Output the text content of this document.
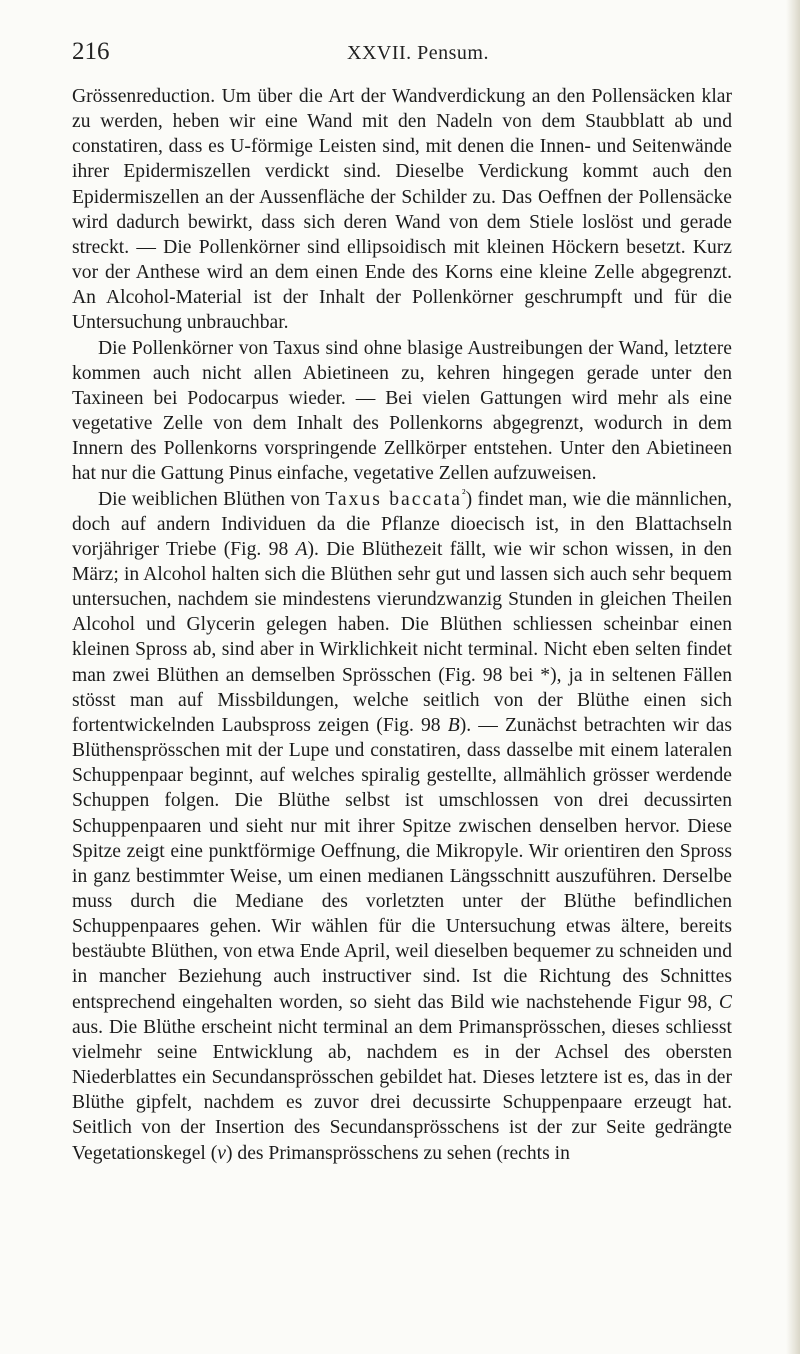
216	XXVII. Pensum.

Grössenreduction. Um über die Art der Wandverdickung an den Pollensäcken klar zu werden, heben wir eine Wand mit den Nadeln von dem Staubblatt ab und constatiren, dass es U-förmige Leisten sind, mit denen die Innen- und Seitenwände ihrer Epidermiszellen verdickt sind. Dieselbe Verdickung kommt auch den Epidermiszellen an der Aussenfläche der Schilder zu. Das Oeffnen der Pollensäcke wird dadurch bewirkt, dass sich deren Wand von dem Stiele loslöst und gerade streckt. — Die Pollenkörner sind ellipsoidisch mit kleinen Höckern besetzt. Kurz vor der Anthese wird an dem einen Ende des Korns eine kleine Zelle abgegrenzt. An Alcohol-Material ist der Inhalt der Pollenkörner geschrumpft und für die Untersuchung unbrauchbar.

Die Pollenkörner von Taxus sind ohne blasige Austreibungen der Wand, letztere kommen auch nicht allen Abietineen zu, kehren hingegen gerade unter den Taxineen bei Podocarpus wieder. — Bei vielen Gattungen wird mehr als eine vegetative Zelle von dem Inhalt des Pollenkorns abgegrenzt, wodurch in dem Innern des Pollenkorns vorspringende Zellkörper entstehen. Unter den Abietineen hat nur die Gattung Pinus einfache, vegetative Zellen aufzuweisen.

Die weiblichen Blüthen von Taxus baccata$^{^2}$) findet man, wie die männlichen, doch auf andern Individuen da die Pflanze dioecisch ist, in den Blattachseln vorjähriger Triebe (Fig. 98 A). Die Blüthezeit fällt, wie wir schon wissen, in den März; in Alcohol halten sich die Blüthen sehr gut und lassen sich auch sehr bequem untersuchen, nachdem sie mindestens vierundzwanzig Stunden in gleichen Theilen Alcohol und Glycerin gelegen haben. Die Blüthen schliessen scheinbar einen kleinen Spross ab, sind aber in Wirklichkeit nicht terminal. Nicht eben selten findet man zwei Blüthen an demselben Sprösschen (Fig. 98 bei *), ja in seltenen Fällen stösst man auf Missbildungen, welche seitlich von der Blüthe einen sich fortentwickelnden Laubspross zeigen (Fig. 98 B). — Zunächst betrachten wir das Blüthensprösschen mit der Lupe und constatiren, dass dasselbe mit einem lateralen Schuppenpaar beginnt, auf welches spiralig gestellte, allmählich grösser werdende Schuppen folgen. Die Blüthe selbst ist umschlossen von drei decussirten Schuppenpaaren und sieht nur mit ihrer Spitze zwischen denselben hervor. Diese Spitze zeigt eine punktförmige Oeffnung, die Mikropyle. Wir orientiren den Spross in ganz bestimmter Weise, um einen medianen Längsschnitt auszuführen. Derselbe muss durch die Mediane des vorletzten unter der Blüthe befindlichen Schuppenpaares gehen. Wir wählen für die Untersuchung etwas ältere, bereits bestäubte Blüthen, von etwa Ende April, weil dieselben bequemer zu schneiden und in mancher Beziehung auch instructiver sind. Ist die Richtung des Schnittes entsprechend eingehalten worden, so sieht das Bild wie nachstehende Figur 98, C aus. Die Blüthe erscheint nicht terminal an dem Primansprösschen, dieses schliesst vielmehr seine Entwicklung ab, nachdem es in der Achsel des obersten Niederblattes ein Secundansprösschen gebildet hat. Dieses letztere ist es, das in der Blüthe gipfelt, nachdem es zuvor drei decussirte Schuppenpaare erzeugt hat. Seitlich von der Insertion des Secundansprösschens ist der zur Seite gedrängte Vegetationskegel (v) des Primansprösschens zu sehen (rechts in
